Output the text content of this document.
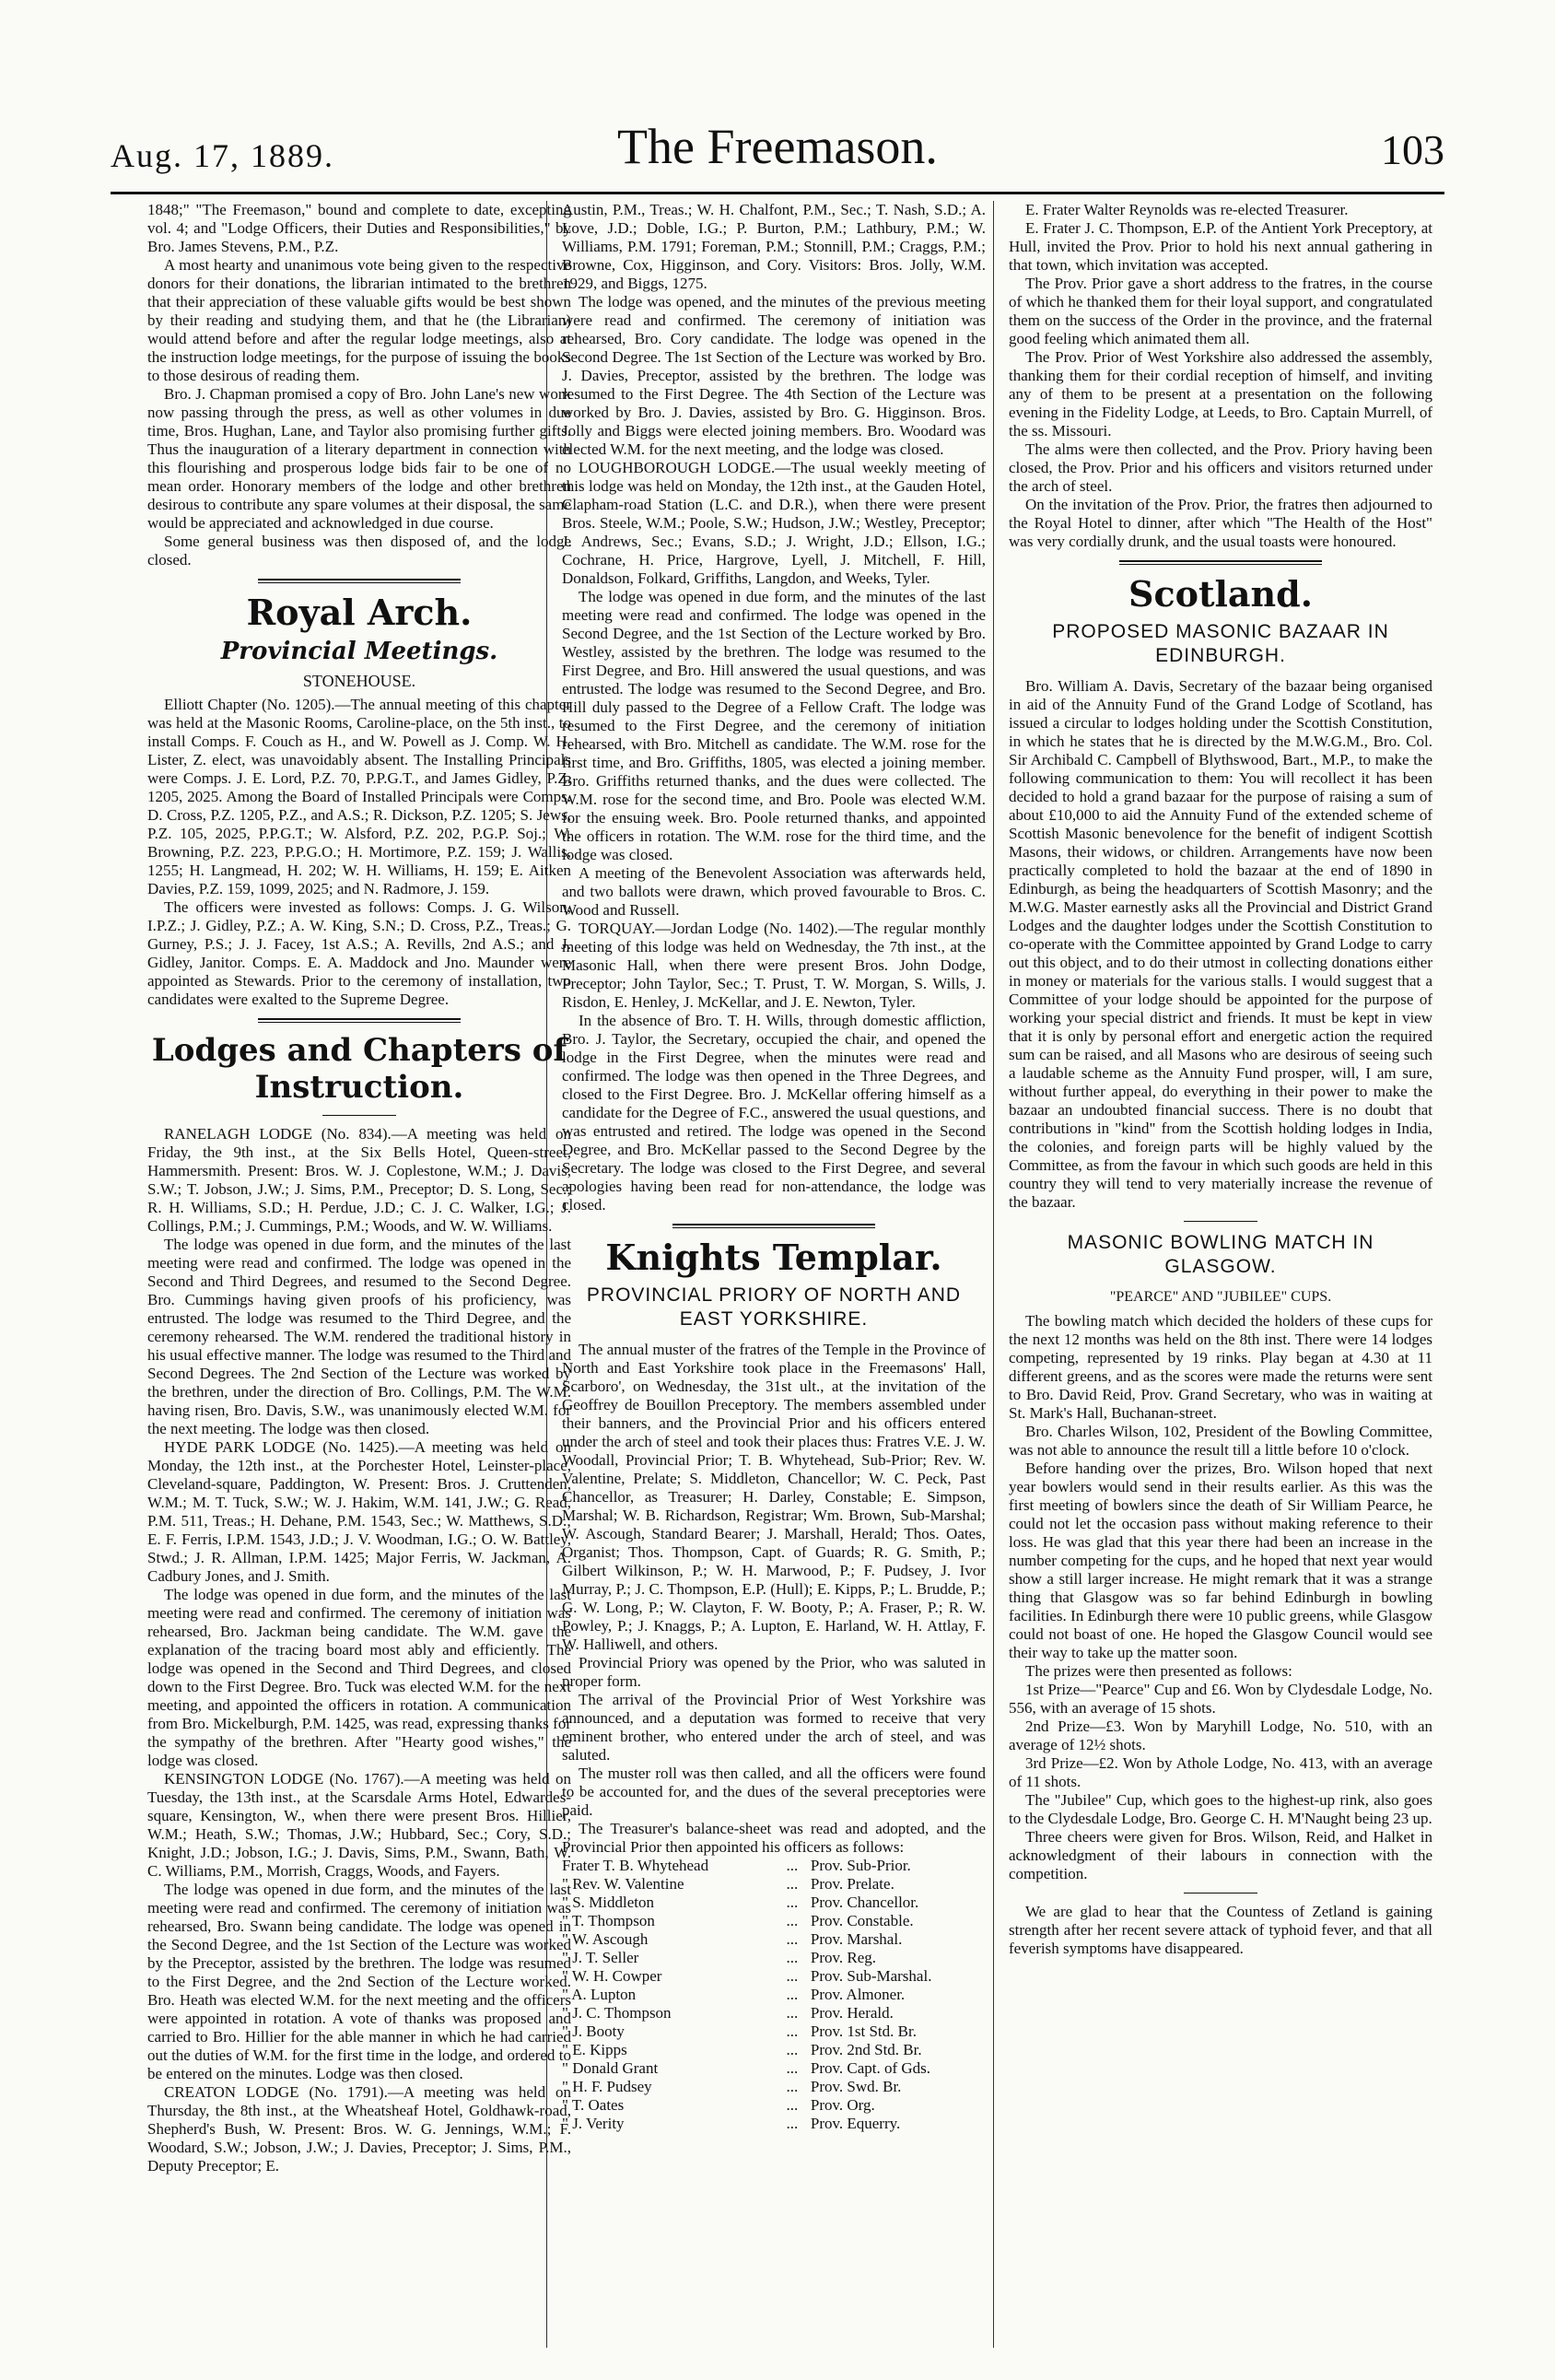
Aug. 17, 1889.	The Freemason.	103

1848;" "The Freemason," bound and complete to date, excepting vol. 4; and "Lodge Officers, their Duties and Responsibilities," by Bro. James Stevens, P.M., P.Z.

A most hearty and unanimous vote being given to the respective donors for their donations, the librarian intimated to the brethren that their appreciation of these valuable gifts would be best shown by their reading and studying them, and that he (the Librarian) would attend before and after the regular lodge meetings, also at the instruction lodge meetings, for the purpose of issuing the books to those desirous of reading them.

Bro. J. Chapman promised a copy of Bro. John Lane's new work now passing through the press, as well as other volumes in due time, Bros. Hughan, Lane, and Taylor also promising further gifts. Thus the inauguration of a literary department in connection with this flourishing and prosperous lodge bids fair to be one of no mean order. Honorary members of the lodge and other brethren desirous to contribute any spare volumes at their disposal, the same would be appreciated and acknowledged in due course.

Some general business was then disposed of, and the lodge closed.

Royal Arch.
Provincial Meetings.
STONEHOUSE.

Elliott Chapter (No. 1205).—The annual meeting of this chapter was held at the Masonic Rooms, Caroline-place, on the 5th inst., to install Comps. F. Couch as H., and W. Powell as J. Comp. W. H. Lister, Z. elect, was unavoidably absent. The Installing Principals were Comps. J. E. Lord, P.Z. 70, P.P.G.T., and James Gidley, P.Z. 1205, 2025. Among the Board of Installed Principals were Comps. D. Cross, P.Z. 1205, P.Z., and A.S.; R. Dickson, P.Z. 1205; S. Jews, P.Z. 105, 2025, P.P.G.T.; W. Alsford, P.Z. 202, P.G.P. Soj.; W. Browning, P.Z. 223, P.P.G.O.; H. Mortimore, P.Z. 159; J. Wallis, 1255; H. Langmead, H. 202; W. H. Williams, H. 159; E. Aitken Davies, P.Z. 159, 1099, 2025; and N. Radmore, J. 159.

The officers were invested as follows: Comps. J. G. Wilson, I.P.Z.; J. Gidley, P.Z.; A. W. King, S.N.; D. Cross, P.Z., Treas.; G. Gurney, P.S.; J. J. Facey, 1st A.S.; A. Revills, 2nd A.S.; and J. Gidley, Janitor. Comps. E. A. Maddock and Jno. Maunder were appointed as Stewards. Prior to the ceremony of installation, two candidates were exalted to the Supreme Degree.

Lodges and Chapters of Instruction.

RANELAGH LODGE (No. 834).—A meeting was held on Friday, the 9th inst., at the Six Bells Hotel, Queen-street, Hammersmith. Present: Bros. W. J. Coplestone, W.M.; J. Davis, S.W.; T. Jobson, J.W.; J. Sims, P.M., Preceptor; D. S. Long, Sec.; R. H. Williams, S.D.; H. Perdue, J.D.; C. J. C. Walker, I.G.; J. Collings, P.M.; J. Cummings, P.M.; Woods, and W. W. Williams.

The lodge was opened in due form, and the minutes of the last meeting were read and confirmed. The lodge was opened in the Second and Third Degrees, and resumed to the Second Degree. Bro. Cummings having given proofs of his proficiency, was entrusted. The lodge was resumed to the Third Degree, and the ceremony rehearsed. The W.M. rendered the traditional history in his usual effective manner. The lodge was resumed to the Third and Second Degrees. The 2nd Section of the Lecture was worked by the brethren, under the direction of Bro. Collings, P.M. The W.M. having risen, Bro. Davis, S.W., was unanimously elected W.M. for the next meeting. The lodge was then closed.

HYDE PARK LODGE (No. 1425).—A meeting was held on Monday, the 12th inst., at the Porchester Hotel, Leinster-place, Cleveland-square, Paddington, W. Present: Bros. J. Cruttenden, W.M.; M. T. Tuck, S.W.; W. J. Hakim, W.M. 141, J.W.; G. Read, P.M. 511, Treas.; H. Dehane, P.M. 1543, Sec.; W. Matthews, S.D.; E. F. Ferris, I.P.M. 1543, J.D.; J. V. Woodman, I.G.; O. W. Battley, Stwd.; J. R. Allman, I.P.M. 1425; Major Ferris, W. Jackman, A. Cadbury Jones, and J. Smith.

The lodge was opened in due form, and the minutes of the last meeting were read and confirmed. The ceremony of initiation was rehearsed, Bro. Jackman being candidate. The W.M. gave the explanation of the tracing board most ably and efficiently. The lodge was opened in the Second and Third Degrees, and closed down to the First Degree. Bro. Tuck was elected W.M. for the next meeting, and appointed the officers in rotation. A communication from Bro. Mickelburgh, P.M. 1425, was read, expressing thanks for the sympathy of the brethren. After "Hearty good wishes," the lodge was closed.

KENSINGTON LODGE (No. 1767).—A meeting was held on Tuesday, the 13th inst., at the Scarsdale Arms Hotel, Edwardes-square, Kensington, W., when there were present Bros. Hillier, W.M.; Heath, S.W.; Thomas, J.W.; Hubbard, Sec.; Cory, S.D.; Knight, J.D.; Jobson, I.G.; J. Davis, Sims, P.M., Swann, Bath, W. C. Williams, P.M., Morrish, Craggs, Woods, and Fayers.

The lodge was opened in due form, and the minutes of the last meeting were read and confirmed. The ceremony of initiation was rehearsed, Bro. Swann being candidate. The lodge was opened in the Second Degree, and the 1st Section of the Lecture was worked by the Preceptor, assisted by the brethren. The lodge was resumed to the First Degree, and the 2nd Section of the Lecture worked. Bro. Heath was elected W.M. for the next meeting and the officers were appointed in rotation. A vote of thanks was proposed and carried to Bro. Hillier for the able manner in which he had carried out the duties of W.M. for the first time in the lodge, and ordered to be entered on the minutes. Lodge was then closed.

CREATON LODGE (No. 1791).—A meeting was held on Thursday, the 8th inst., at the Wheatsheaf Hotel, Goldhawk-road, Shepherd's Bush, W. Present: Bros. W. G. Jennings, W.M.; F. Woodard, S.W.; Jobson, J.W.; J. Davies, Preceptor; J. Sims, P.M., Deputy Preceptor; E.

Austin, P.M., Treas.; W. H. Chalfont, P.M., Sec.; T. Nash, S.D.; A. Love, J.D.; Doble, I.G.; P. Burton, P.M.; Lathbury, P.M.; W. Williams, P.M. 1791; Foreman, P.M.; Stonnill, P.M.; Craggs, P.M.; Browne, Cox, Higginson, and Cory. Visitors: Bros. Jolly, W.M. 1929, and Biggs, 1275.

The lodge was opened, and the minutes of the previous meeting were read and confirmed. The ceremony of initiation was rehearsed, Bro. Cory candidate. The lodge was opened in the Second Degree. The 1st Section of the Lecture was worked by Bro. J. Davies, Preceptor, assisted by the brethren. The lodge was resumed to the First Degree. The 4th Section of the Lecture was worked by Bro. J. Davies, assisted by Bro. G. Higginson. Bros. Jolly and Biggs were elected joining members. Bro. Woodard was elected W.M. for the next meeting, and the lodge was closed.

LOUGHBOROUGH LODGE.—The usual weekly meeting of this lodge was held on Monday, the 12th inst., at the Gauden Hotel, Clapham-road Station (L.C. and D.R.), when there were present Bros. Steele, W.M.; Poole, S.W.; Hudson, J.W.; Westley, Preceptor; J. Andrews, Sec.; Evans, S.D.; J. Wright, J.D.; Ellson, I.G.; Cochrane, H. Price, Hargrove, Lyell, J. Mitchell, F. Hill, Donaldson, Folkard, Griffiths, Langdon, and Weeks, Tyler.

The lodge was opened in due form, and the minutes of the last meeting were read and confirmed. The lodge was opened in the Second Degree, and the 1st Section of the Lecture worked by Bro. Westley, assisted by the brethren. The lodge was resumed to the First Degree, and Bro. Hill answered the usual questions, and was entrusted. The lodge was resumed to the Second Degree, and Bro. Hill duly passed to the Degree of a Fellow Craft. The lodge was resumed to the First Degree, and the ceremony of initiation rehearsed, with Bro. Mitchell as candidate. The W.M. rose for the first time, and Bro. Griffiths, 1805, was elected a joining member. Bro. Griffiths returned thanks, and the dues were collected. The W.M. rose for the second time, and Bro. Poole was elected W.M. for the ensuing week. Bro. Poole returned thanks, and appointed the officers in rotation. The W.M. rose for the third time, and the lodge was closed.

A meeting of the Benevolent Association was afterwards held, and two ballots were drawn, which proved favourable to Bros. C. Wood and Russell.

TORQUAY.—Jordan Lodge (No. 1402).—The regular monthly meeting of this lodge was held on Wednesday, the 7th inst., at the Masonic Hall, when there were present Bros. John Dodge, Preceptor; John Taylor, Sec.; T. Prust, T. W. Morgan, S. Wills, J. Risdon, E. Henley, J. McKellar, and J. E. Newton, Tyler.

In the absence of Bro. T. H. Wills, through domestic affliction, Bro. J. Taylor, the Secretary, occupied the chair, and opened the lodge in the First Degree, when the minutes were read and confirmed. The lodge was then opened in the Three Degrees, and closed to the First Degree. Bro. J. McKellar offering himself as a candidate for the Degree of F.C., answered the usual questions, and was entrusted and retired. The lodge was opened in the Second Degree, and Bro. McKellar passed to the Second Degree by the Secretary. The lodge was closed to the First Degree, and several apologies having been read for non-attendance, the lodge was closed.

Knights Templar.
PROVINCIAL PRIORY OF NORTH AND EAST YORKSHIRE.

The annual muster of the fratres of the Temple in the Province of North and East Yorkshire took place in the Freemasons' Hall, Scarboro', on Wednesday, the 31st ult., at the invitation of the Geoffrey de Bouillon Preceptory. The members assembled under their banners, and the Provincial Prior and his officers entered under the arch of steel and took their places thus: Fratres V.E. J. W. Woodall, Provincial Prior; T. B. Whytehead, Sub-Prior; Rev. W. Valentine, Prelate; S. Middleton, Chancellor; W. C. Peck, Past Chancellor, as Treasurer; H. Darley, Constable; E. Simpson, Marshal; W. B. Richardson, Registrar; Wm. Brown, Sub-Marshal; W. Ascough, Standard Bearer; J. Marshall, Herald; Thos. Oates, Organist; Thos. Thompson, Capt. of Guards; R. G. Smith, P.; Gilbert Wilkinson, P.; W. H. Marwood, P.; F. Pudsey, J. Ivor Murray, P.; J. C. Thompson, E.P. (Hull); E. Kipps, P.; L. Brudde, P.; G. W. Long, P.; W. Clayton, F. W. Booty, P.; A. Fraser, P.; R. W. Powley, P.; J. Knaggs, P.; A. Lupton, E. Harland, W. H. Attlay, F. W. Halliwell, and others.

Provincial Priory was opened by the Prior, who was saluted in proper form.

The arrival of the Provincial Prior of West Yorkshire was announced, and a deputation was formed to receive that very eminent brother, who entered under the arch of steel, and was saluted.

The muster roll was then called, and all the officers were found to be accounted for, and the dues of the several preceptories were paid.

The Treasurer's balance-sheet was read and adopted, and the Provincial Prior then appointed his officers as follows:

Frater T. B. Whytehead	...	Prov. Sub-Prior.
" Rev. W. Valentine	...	Prov. Prelate.
" S. Middleton	...	Prov. Chancellor.
" T. Thompson	...	Prov. Constable.
" W. Ascough	...	Prov. Marshal.
" J. T. Seller	...	Prov. Reg.
" W. H. Cowper	...	Prov. Sub-Marshal.
" A. Lupton	...	Prov. Almoner.
" J. C. Thompson	...	Prov. Herald.
" J. Booty	...	Prov. 1st Std. Br.
" E. Kipps	...	Prov. 2nd Std. Br.
" Donald Grant	...	Prov. Capt. of Gds.
" H. F. Pudsey	...	Prov. Swd. Br.
" T. Oates	...	Prov. Org.
" J. Verity	...	Prov. Equerry.

E. Frater Walter Reynolds was re-elected Treasurer.

E. Frater J. C. Thompson, E.P. of the Antient York Preceptory, at Hull, invited the Prov. Prior to hold his next annual gathering in that town, which invitation was accepted.

The Prov. Prior gave a short address to the fratres, in the course of which he thanked them for their loyal support, and congratulated them on the success of the Order in the province, and the fraternal good feeling which animated them all.

The Prov. Prior of West Yorkshire also addressed the assembly, thanking them for their cordial reception of himself, and inviting any of them to be present at a presentation on the following evening in the Fidelity Lodge, at Leeds, to Bro. Captain Murrell, of the ss. Missouri.

The alms were then collected, and the Prov. Priory having been closed, the Prov. Prior and his officers and visitors returned under the arch of steel.

On the invitation of the Prov. Prior, the fratres then adjourned to the Royal Hotel to dinner, after which "The Health of the Host" was very cordially drunk, and the usual toasts were honoured.

Scotland.
PROPOSED MASONIC BAZAAR IN EDINBURGH.

Bro. William A. Davis, Secretary of the bazaar being organised in aid of the Annuity Fund of the Grand Lodge of Scotland, has issued a circular to lodges holding under the Scottish Constitution, in which he states that he is directed by the M.W.G.M., Bro. Col. Sir Archibald C. Campbell of Blythswood, Bart., M.P., to make the following communication to them: You will recollect it has been decided to hold a grand bazaar for the purpose of raising a sum of about £10,000 to aid the Annuity Fund of the extended scheme of Scottish Masonic benevolence for the benefit of indigent Scottish Masons, their widows, or children. Arrangements have now been practically completed to hold the bazaar at the end of 1890 in Edinburgh, as being the headquarters of Scottish Masonry; and the M.W.G. Master earnestly asks all the Provincial and District Grand Lodges and the daughter lodges under the Scottish Constitution to co-operate with the Committee appointed by Grand Lodge to carry out this object, and to do their utmost in collecting donations either in money or materials for the various stalls. I would suggest that a Committee of your lodge should be appointed for the purpose of working your special district and friends. It must be kept in view that it is only by personal effort and energetic action the required sum can be raised, and all Masons who are desirous of seeing such a laudable scheme as the Annuity Fund prosper, will, I am sure, without further appeal, do everything in their power to make the bazaar an undoubted financial success. There is no doubt that contributions in "kind" from the Scottish holding lodges in India, the colonies, and foreign parts will be highly valued by the Committee, as from the favour in which such goods are held in this country they will tend to very materially increase the revenue of the bazaar.

MASONIC BOWLING MATCH IN GLASGOW.
"PEARCE" AND "JUBILEE" CUPS.

The bowling match which decided the holders of these cups for the next 12 months was held on the 8th inst. There were 14 lodges competing, represented by 19 rinks. Play began at 4.30 at 11 different greens, and as the scores were made the returns were sent to Bro. David Reid, Prov. Grand Secretary, who was in waiting at St. Mark's Hall, Buchanan-street.

Bro. Charles Wilson, 102, President of the Bowling Committee, was not able to announce the result till a little before 10 o'clock.

Before handing over the prizes, Bro. Wilson hoped that next year bowlers would send in their results earlier. As this was the first meeting of bowlers since the death of Sir William Pearce, he could not let the occasion pass without making reference to their loss. He was glad that this year there had been an increase in the number competing for the cups, and he hoped that next year would show a still larger increase. He might remark that it was a strange thing that Glasgow was so far behind Edinburgh in bowling facilities. In Edinburgh there were 10 public greens, while Glasgow could not boast of one. He hoped the Glasgow Council would see their way to take up the matter soon.

The prizes were then presented as follows:

1st Prize—"Pearce" Cup and £6. Won by Clydesdale Lodge, No. 556, with an average of 15 shots.

2nd Prize—£3. Won by Maryhill Lodge, No. 510, with an average of 12½ shots.

3rd Prize—£2. Won by Athole Lodge, No. 413, with an average of 11 shots.

The "Jubilee" Cup, which goes to the highest-up rink, also goes to the Clydesdale Lodge, Bro. George C. H. M'Naught being 23 up.

Three cheers were given for Bros. Wilson, Reid, and Halket in acknowledgment of their labours in connection with the competition.

We are glad to hear that the Countess of Zetland is gaining strength after her recent severe attack of typhoid fever, and that all feverish symptoms have disappeared.
